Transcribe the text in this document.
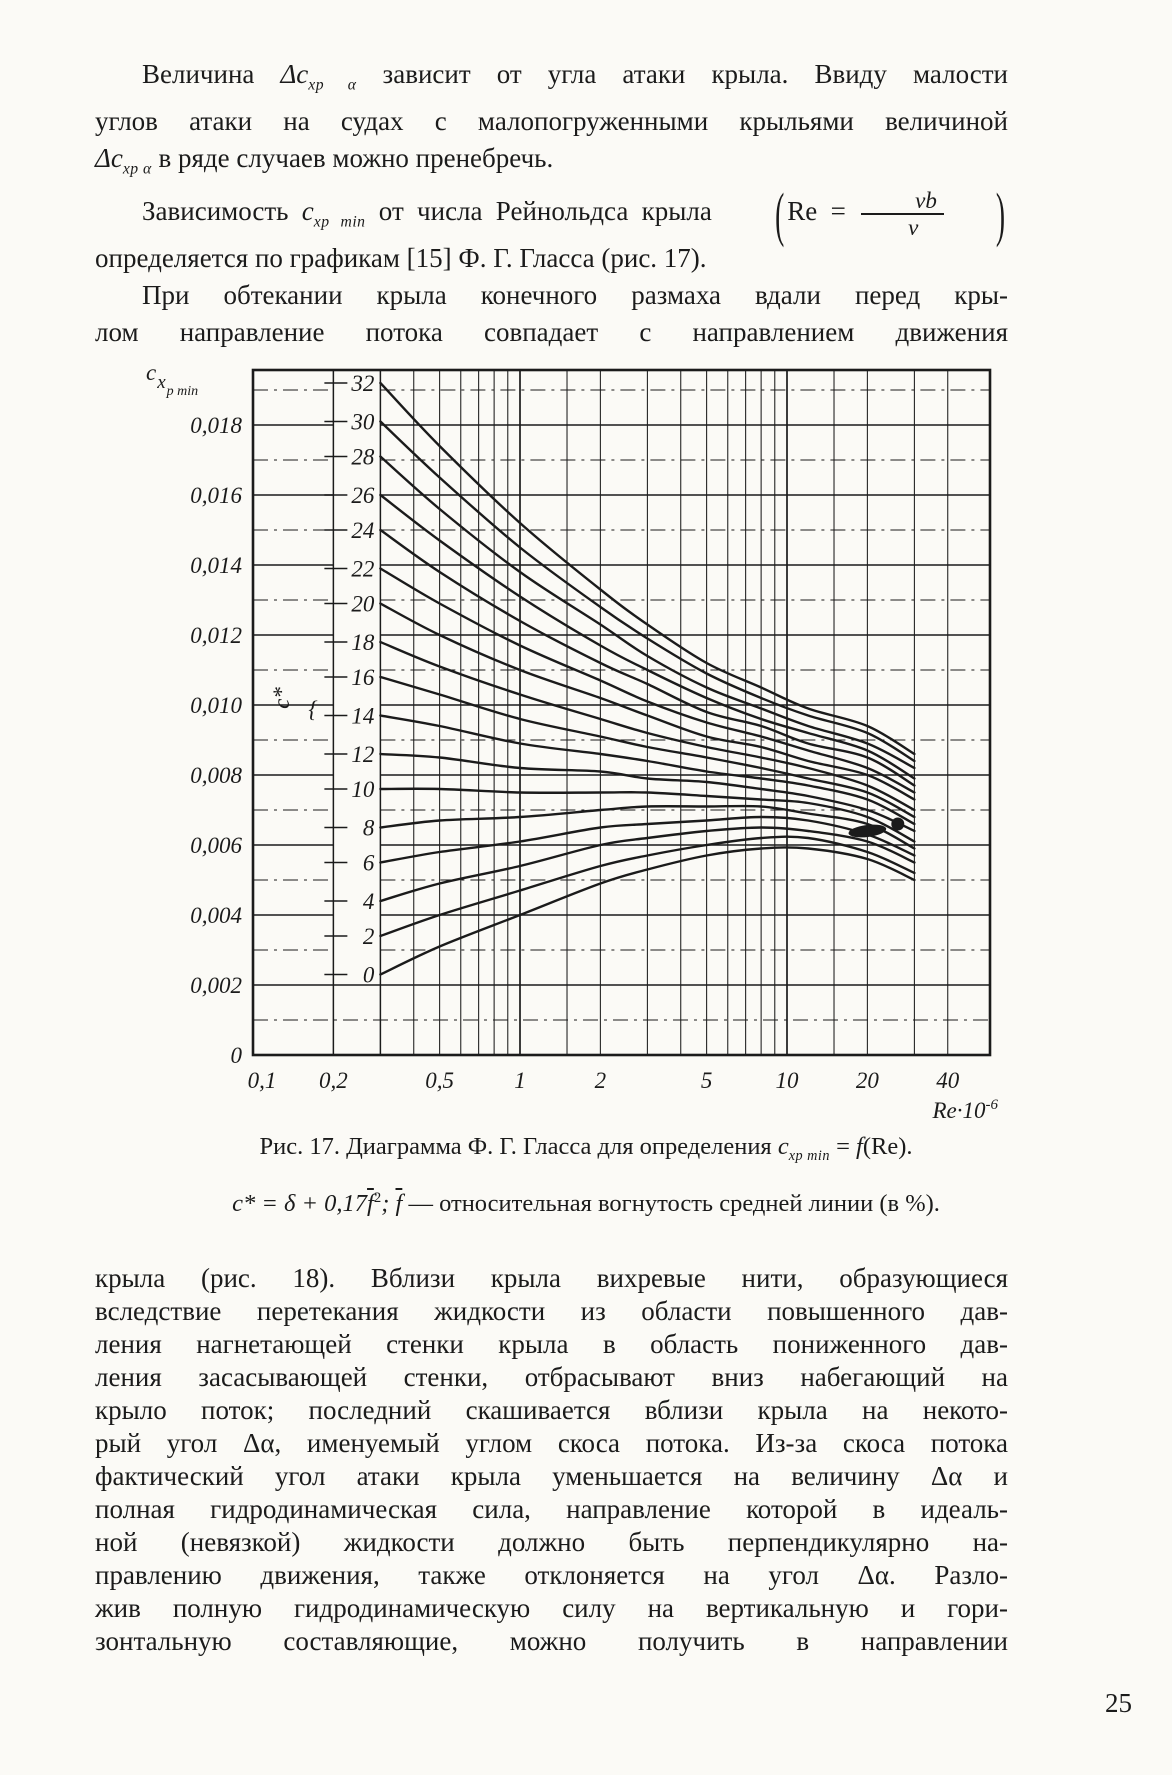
Величина $\Delta c_{xp \alpha}$ зависит от угла атаки крыла. Ввиду малости
углов атаки на судах с малопогруженными крыльями величиной
$\Delta c_{xp \alpha}$ в ряде случаев можно пренебречь.
Зависимость $c_{xp min}$ от числа Рейнольдса крыла ( $Re = \frac{vb}{\nu}$ )
определяется по графикам [15] Ф. Г. Гласса (рис. 17).
При обтекании крыла конечного размаха вдали перед кры-
лом направление потока совпадает с направлением движения
0
0,002
0,004
0,006
0,008
0,010
0,012
0,014
0,016
0,018
0,1 0,2	0,5	1	2	5	10 20 40
$Re\cdot 10^{-6}$
$c_{xp min}$	32
30
28
26
24
22
20
18
16
14
12
10
8
6
4
2
0
{
c*
Рис. 17. Диаграмма Ф. Г. Гласса для определения $c_{xp min} = f(Re)$.
$c* = \delta + 0,17\overline{f}^2$; $\overline{f}$ — относительная вогнутость средней линии (в %).
крыла (рис. 18). Вблизи крыла вихревые нити, образующиеся
вследствие перетекания жидкости из области повышенного дав-
ления нагнетающей стенки крыла в область пониженного дав-
ления засасывающей стенки, отбрасывают вниз набегающий на
крыло поток; последний скашивается вблизи крыла на некото-
рый угол Δα, именуемый углом скоса потока. Из-за скоса потока
фактический угол атаки крыла уменьшается на величину Δα и
полная гидродинамическая сила, направление которой в идеаль-
ной (невязкой) жидкости должно быть перпендикулярно на-
правлению движения, также отклоняется на угол Δα. Разло-
жив полную гидродинамическую силу на вертикальную и гори-
зонтальную составляющие, можно получить в направлении
25
